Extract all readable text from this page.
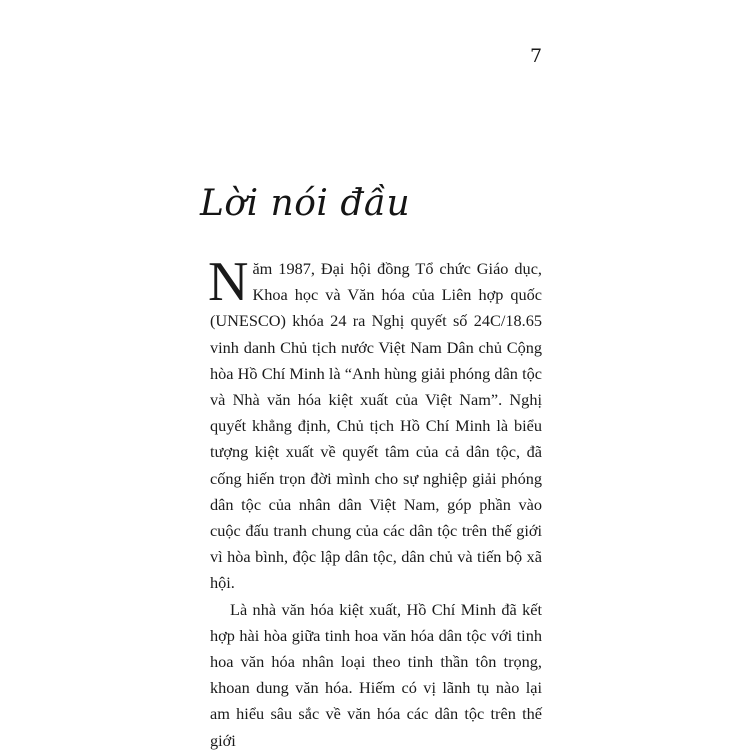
7
Lời nói đầu

Năm 1987, Đại hội đồng Tổ chức Giáo dục, Khoa học và Văn hóa của Liên hợp quốc (UNESCO) khóa 24 ra Nghị quyết số 24C/18.65 vinh danh Chủ tịch nước Việt Nam Dân chủ Cộng hòa Hồ Chí Minh là “Anh hùng giải phóng dân tộc và Nhà văn hóa kiệt xuất của Việt Nam”. Nghị quyết khẳng định, Chủ tịch Hồ Chí Minh là biểu tượng kiệt xuất về quyết tâm của cả dân tộc, đã cống hiến trọn đời mình cho sự nghiệp giải phóng dân tộc của nhân dân Việt Nam, góp phần vào cuộc đấu tranh chung của các dân tộc trên thế giới vì hòa bình, độc lập dân tộc, dân chủ và tiến bộ xã hội.

Là nhà văn hóa kiệt xuất, Hồ Chí Minh đã kết hợp hài hòa giữa tinh hoa văn hóa dân tộc với tinh hoa văn hóa nhân loại theo tinh thần tôn trọng, khoan dung văn hóa. Hiếm có vị lãnh tụ nào lại am hiểu sâu sắc về văn hóa các dân tộc trên thế giới
